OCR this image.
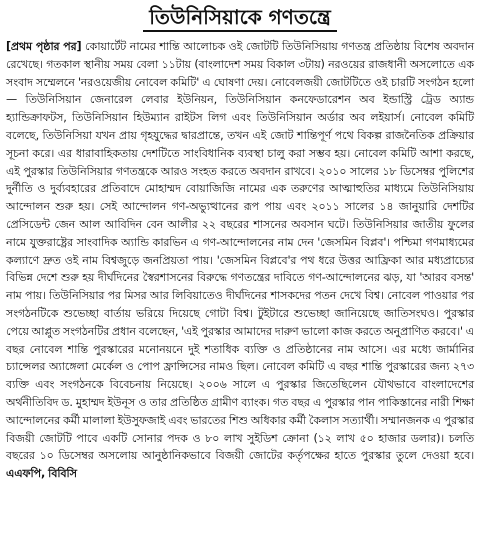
তিউনিসিয়াকে গণতন্ত্রে

[প্রথম পৃষ্ঠার পর] কোয়ার্টেট নামের শান্তি আলোচক ওই জোটটি তিউনিসিয়ায় গণতন্ত্র প্রতিষ্ঠায় বিশেষ অবদান রেখেছে। গতকাল স্থানীয় সময় বেলা ১১টায় (বাংলাদেশ সময় বিকাল ৩টায়) নরওয়ের রাজধানী অসলোতে এক সংবাদ সম্মেলনে 'নরওয়েজীয় নোবেল কমিটি' এ ঘোষণা দেয়। নোবেলজয়ী জোটটিতে ওই চারটি সংগঠন হলো— তিউনিসিয়ান জেনারেল লেবার ইউনিয়ন, তিউনিসিয়ান কনফেডারেশন অব ইন্ডাস্ট্রি ট্রেড অ্যান্ড হ্যান্ডিক্রাফটস, তিউনিসিয়ান হিউম্যান রাইটস লিগ এবং তিউনিসিয়ান অর্ডার অব লইয়ার্স। নোবেল কমিটি বলেছে, তিউনিসিয়া যখন প্রায় গৃহযুদ্ধের দ্বারপ্রান্তে, তখন এই জোট শান্তিপূর্ণ পথে বিকল্প রাজনৈতিক প্রক্রিয়ার সূচনা করে। এর ধারাবাহিকতায় দেশটিতে সাংবিধানিক ব্যবস্থা চালু করা সম্ভব হয়। নোবেল কমিটি আশা করছে, এই পুরস্কার তিউনিসিয়ার গণতন্ত্রকে আরও সংহত করতে অবদান রাখবে। ২০১০ সালের ১৮ ডিসেম্বর পুলিশের দুর্নীতি ও দুর্ব্যবহারের প্রতিবাদে মোহাম্মদ বোয়াজিজি নামের এক তরুণের আত্মাহুতির মাধ্যমে তিউনিসিয়ায় আন্দোলন শুরু হয়। সেই আন্দোলন গণ-অভ্যুত্থানের রূপ পায় এবং ২০১১ সালের ১৪ জানুয়ারি দেশটির প্রেসিডেন্ট জেন আল আবিদিন বেন আলীর ২২ বছরের শাসনের অবসান ঘটে। তিউনিসিয়ার জাতীয় ফুলের নামে যুক্তরাষ্ট্রের সাংবাদিক অ্যান্ডি কারভিন এ গণ-আন্দোলনের নাম দেন 'জেসমিন বিপ্লব'। পশ্চিমা গণমাধ্যমের কল্যাণে দ্রুত ওই নাম বিশ্বজুড়ে জনপ্রিয়তা পায়। 'জেসমিন বিপ্লবে'র পথ ধরে উত্তর আফ্রিকা আর মধ্যপ্রাচ্যের বিভিন্ন দেশে শুরু হয় দীর্ঘদিনের স্বৈরশাসনের বিরুদ্ধে গণতন্ত্রের দাবিতে গণ-আন্দোলনের ঝড়, যা 'আরব বসন্ত' নাম পায়। তিউনিসিয়ার পর মিসর আর লিবিয়াতেও দীর্ঘদিনের শাসকদের পতন দেখে বিশ্ব। নোবেল পাওয়ার পর সংগঠনটিকে শুভেচ্ছা বার্তায় ভরিয়ে দিয়েছে গোটা বিশ্ব। টুইটারে শুভেচ্ছা জানিয়েছে জাতিসংঘও। পুরস্কার পেয়ে আপ্লুত সংগঠনটির প্রধান বলেছেন, 'এই পুরস্কার আমাদের দারুণ ভালো কাজ করতে অনুপ্রাণিত করবে।' এ বছর নোবেল শান্তি পুরস্কারের মনোনয়নে দুই শতাধিক ব্যক্তি ও প্রতিষ্ঠানের নাম আসে। এর মধ্যে জার্মানির চ্যান্সেলর অ্যাঙ্গেলা মের্কেল ও পোপ ফ্রান্সিসের নামও ছিল। নোবেল কমিটি এ বছর শান্তি পুরস্কারের জন্য ২৭৩ ব্যক্তি এবং সংগঠনকে বিবেচনায় নিয়েছে। ২০০৬ সালে এ পুরস্কার জিতেছিলেন যৌথভাবে বাংলাদেশের অর্থনীতিবিদ ড. মুহাম্মদ ইউনূস ও তার প্রতিষ্ঠিত গ্রামীণ ব্যাংক। গত বছর এ পুরস্কার পান পাকিস্তানের নারী শিক্ষা আন্দোলনের কর্মী মালালা ইউসুফজাই এবং ভারতের শিশু অধিকার কর্মী কৈলাস সত্যার্থী। সম্মানজনক এ পুরস্কার বিজয়ী জোটটি পাবে একটি সোনার পদক ও ৮০ লাখ সুইডিশ ক্রোনা (১২ লাখ ৫০ হাজার ডলার)। চলতি বছরের ১০ ডিসেম্বর অসলোয় আনুষ্ঠানিকভাবে বিজয়ী জোটের কর্তৃপক্ষের হাতে পুরস্কার তুলে দেওয়া হবে। এএফপি, বিবিসি
